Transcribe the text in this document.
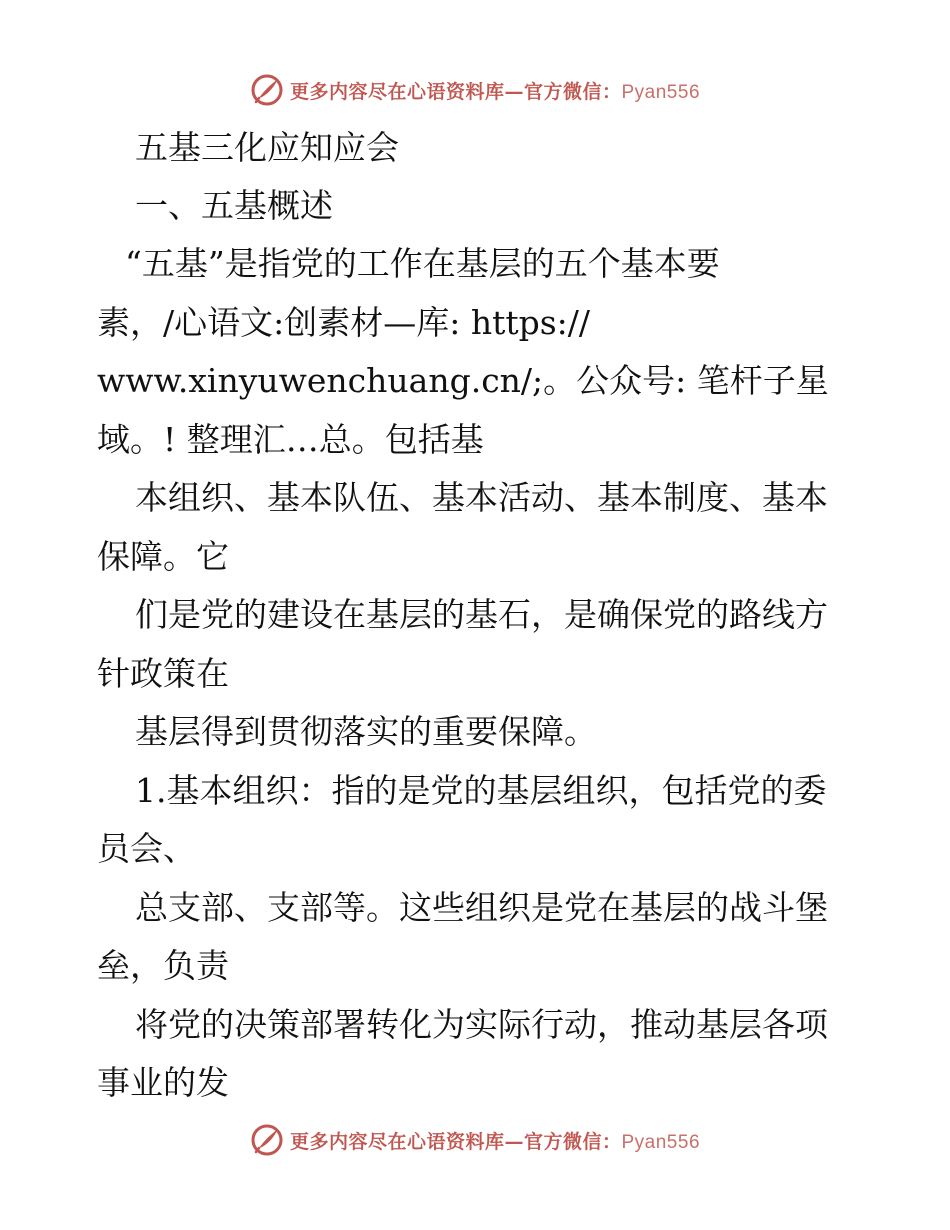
更多内容尽在心语资料库—官方微信：Pyan556
五基三化应知应会
一、五基概述
“五基”是指党的工作在基层的五个基本要
素，/心语文:创素材—库: https://
www.xinyuwenchuang.cn/;。公众号: 笔杆子星
域。! 整理汇…总。包括基
本组织、基本队伍、基本活动、基本制度、基本
保障。它
们是党的建设在基层的基石，是确保党的路线方
针政策在
基层得到贯彻落实的重要保障。
1.基本组织：指的是党的基层组织，包括党的委
员会、
总支部、支部等。这些组织是党在基层的战斗堡
垒，负责
将党的决策部署转化为实际行动，推动基层各项
事业的发
更多内容尽在心语资料库—官方微信：Pyan556
